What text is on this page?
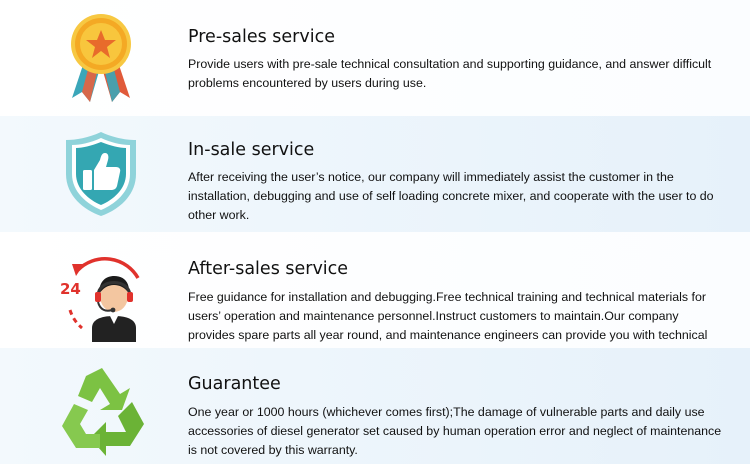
Pre-sales service
Provide users with pre-sale technical consultation and supporting guidance, and answer difficult problems encountered by users during use.
In-sale service
After receiving the user’s notice, our company will immediately assist the customer in the installation, debugging and use of self loading concrete mixer, and cooperate with the user to do other work.
24
After-sales service
Free guidance for installation and debugging.Free technical training and technical materials for users’ operation and maintenance personnel.Instruct customers to maintain.Our company provides spare parts all year round, and maintenance engineers can provide you with technical
Guarantee
One year or 1000 hours (whichever comes first);The damage of vulnerable parts and daily use accessories of diesel generator set caused by human operation error and neglect of maintenance is not covered by this warranty.
